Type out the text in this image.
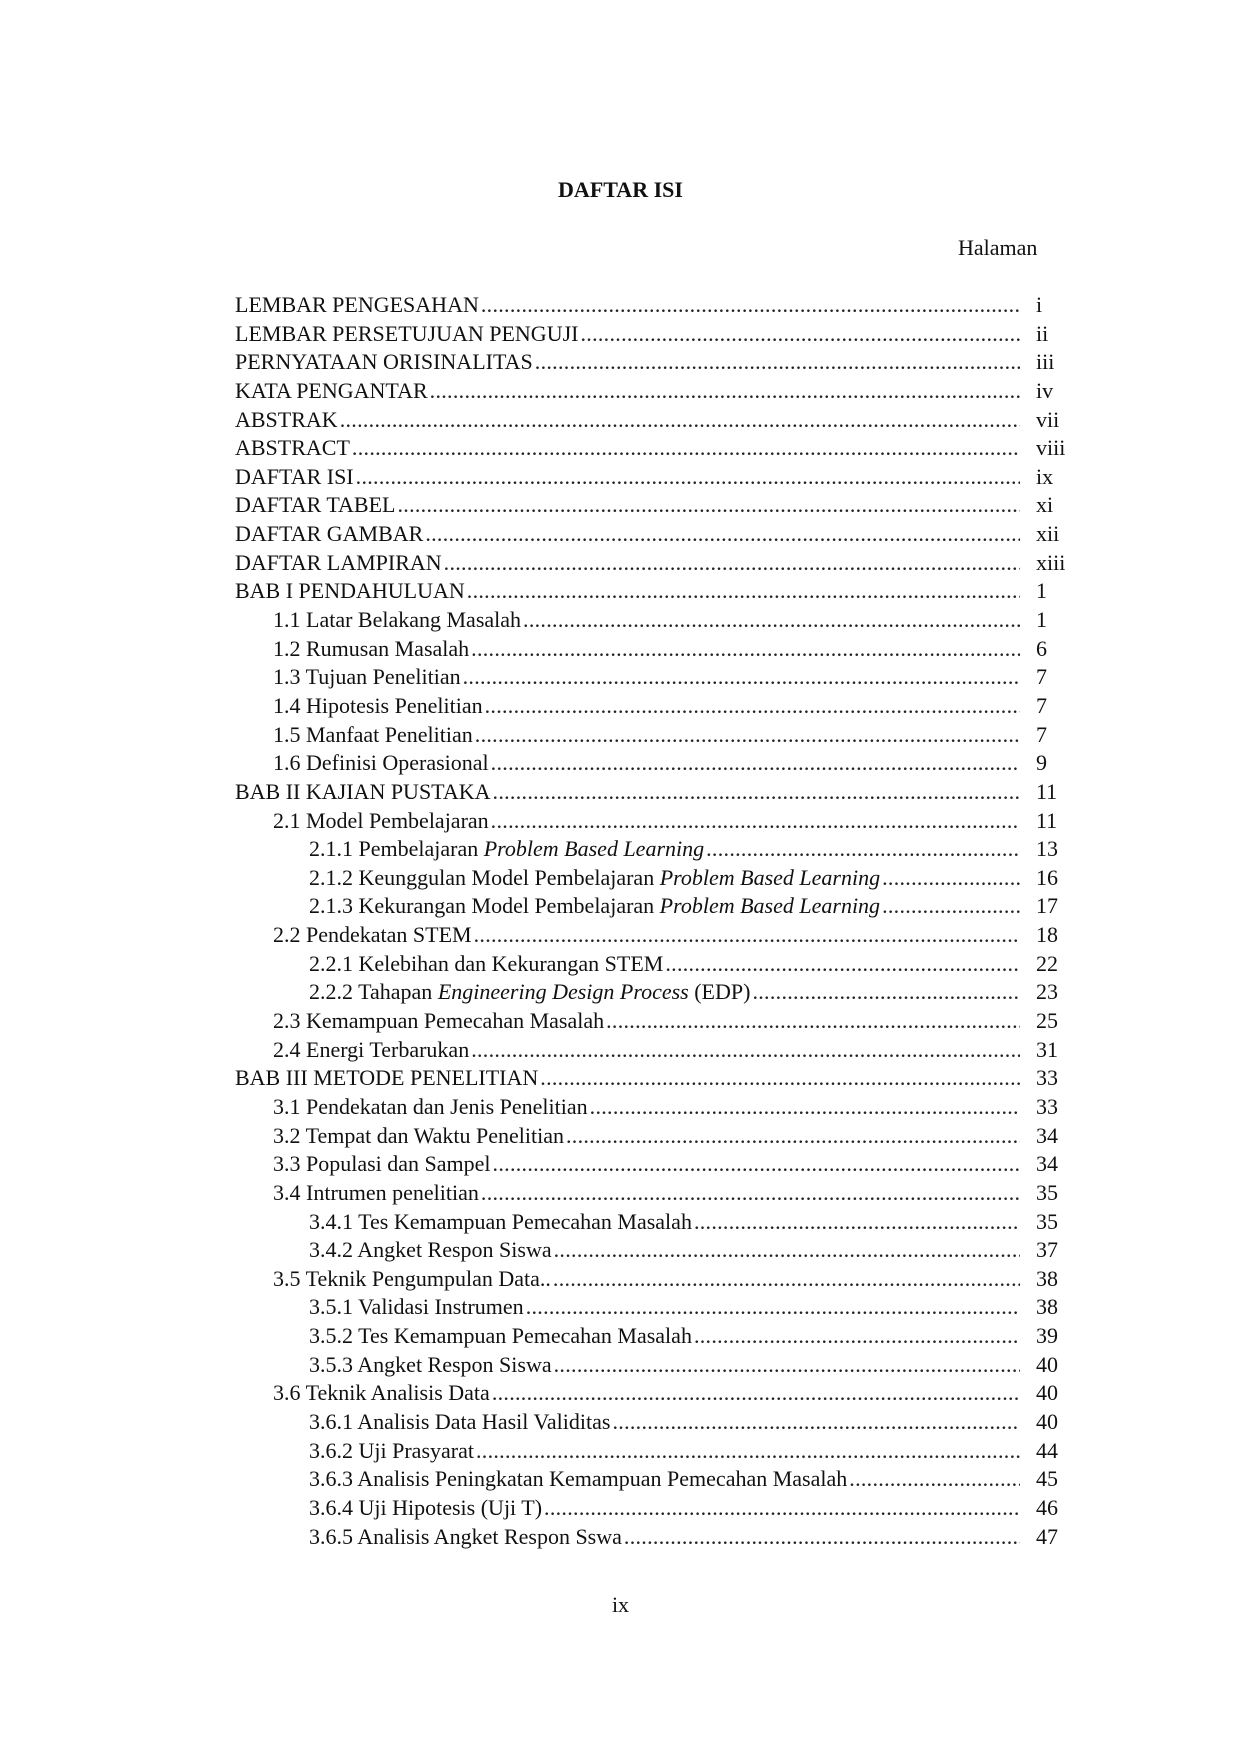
DAFTAR ISI
Halaman
LEMBAR PENGESAHAN .....	i
LEMBAR PERSETUJUAN PENGUJI .....	ii
PERNYATAAN ORISINALITAS .....	iii
KATA PENGANTAR .....	iv
ABSTRAK .....	vii
ABSTRACT .....	viii
DAFTAR ISI .....	ix
DAFTAR TABEL .....	xi
DAFTAR GAMBAR .....	xii
DAFTAR LAMPIRAN .....	xiii
BAB I PENDAHULUAN .....	1
1.1 Latar Belakang Masalah .....	1
1.2 Rumusan Masalah .....	6
1.3 Tujuan Penelitian .....	7
1.4 Hipotesis Penelitian .....	7
1.5 Manfaat Penelitian .....	7
1.6 Definisi Operasional .....	9
BAB II KAJIAN PUSTAKA .....	11
2.1 Model Pembelajaran .....	11
2.1.1 Pembelajaran Problem Based Learning .....	13
2.1.2 Keunggulan Model Pembelajaran Problem Based Learning .....	16
2.1.3 Kekurangan Model Pembelajaran Problem Based Learning .....	17
2.2 Pendekatan STEM .....	18
2.2.1 Kelebihan dan Kekurangan STEM .....	22
2.2.2 Tahapan Engineering Design Process (EDP) .....	23
2.3 Kemampuan Pemecahan Masalah .....	25
2.4 Energi Terbarukan .....	31
BAB III METODE PENELITIAN .....	33
3.1 Pendekatan dan Jenis Penelitian .....	33
3.2 Tempat dan Waktu Penelitian .....	34
3.3 Populasi dan Sampel .....	34
3.4 Intrumen penelitian .....	35
3.4.1 Tes Kemampuan Pemecahan Masalah .....	35
3.4.2 Angket Respon Siswa .....	37
3.5 Teknik Pengumpulan Data.. .....	38
3.5.1 Validasi Instrumen .....	38
3.5.2 Tes Kemampuan Pemecahan Masalah .....	39
3.5.3 Angket Respon Siswa .....	40
3.6 Teknik Analisis Data .....	40
3.6.1 Analisis Data Hasil Validitas .....	40
3.6.2 Uji Prasyarat .....	44
3.6.3 Analisis Peningkatan Kemampuan Pemecahan Masalah .....	45
3.6.4 Uji Hipotesis (Uji T) .....	46
3.6.5 Analisis Angket Respon Sswa .....	47
ix
